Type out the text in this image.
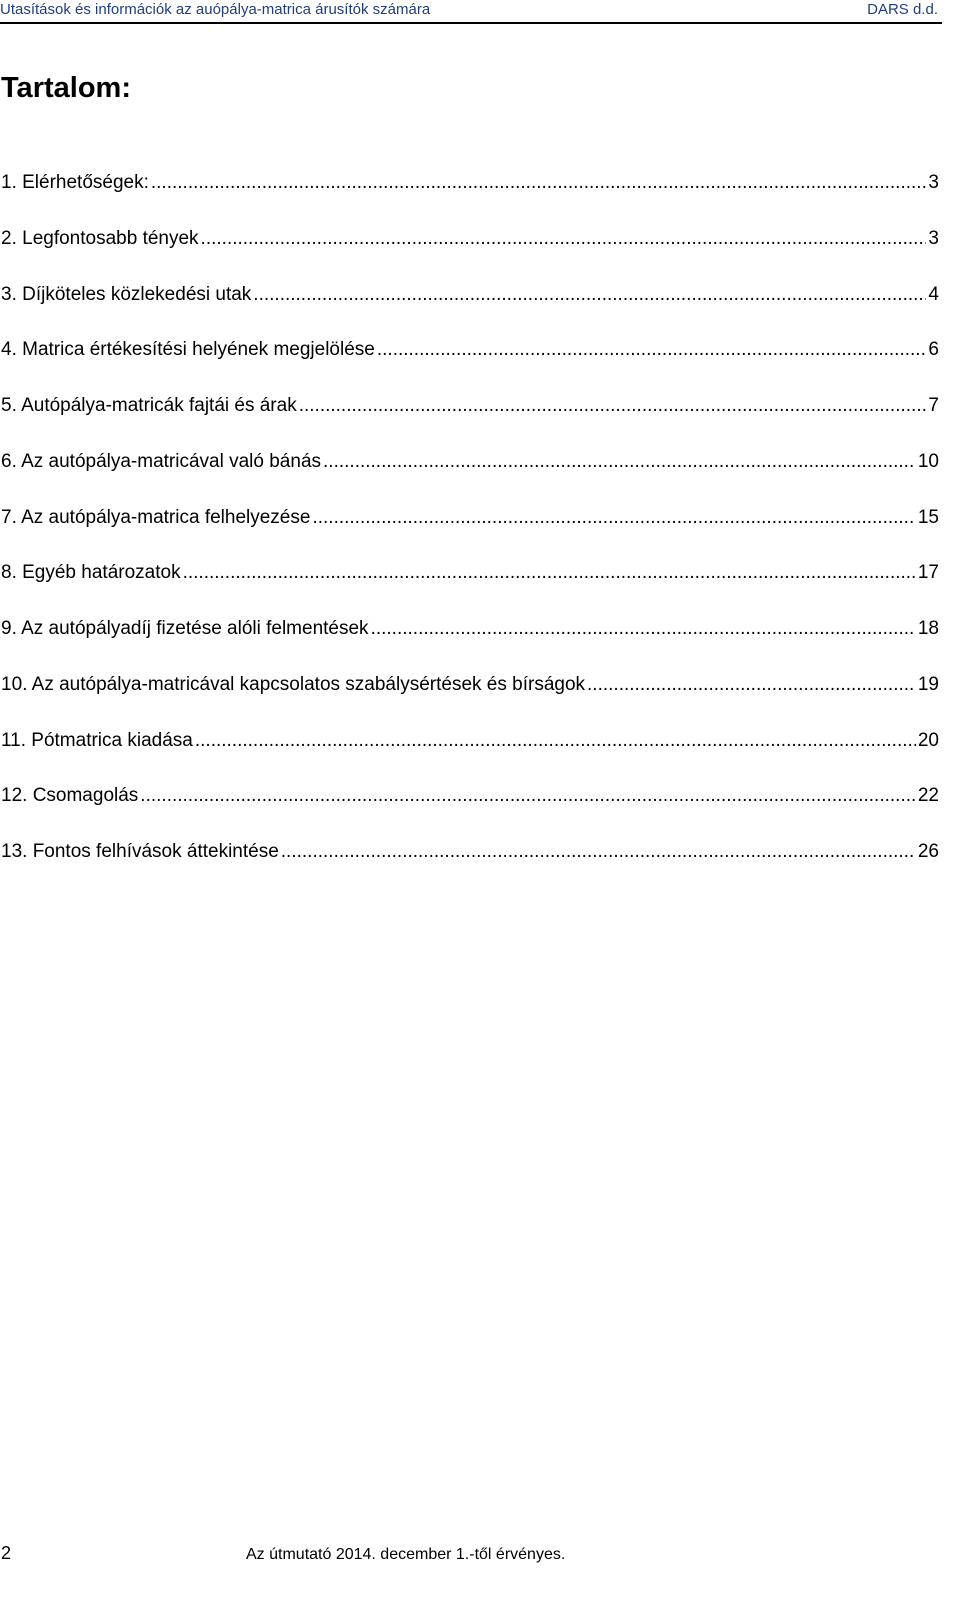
Utasítások és információk az auópálya-matrica árusítók számára	DARS d.d.
Tartalom:
1. Elérhetőségek: .....	3
2. Legfontosabb tények .....	3
3. Díjköteles közlekedési utak .....	4
4. Matrica értékesítési helyének megjelölése .....	6
5. Autópálya-matricák fajtái és árak .....	7
6. Az autópálya-matricával való bánás .....	10
7. Az autópálya-matrica felhelyezése .....	15
8. Egyéb határozatok .....	17
9. Az autópályadíj fizetése alóli felmentések .....	18
10. Az autópálya-matricával kapcsolatos szabálysértések és bírságok .....	19
11. Pótmatrica kiadása .....	20
12. Csomagolás .....	22
13. Fontos felhívások áttekintése .....	26
2	Az útmutató 2014. december 1.-től érvényes.
